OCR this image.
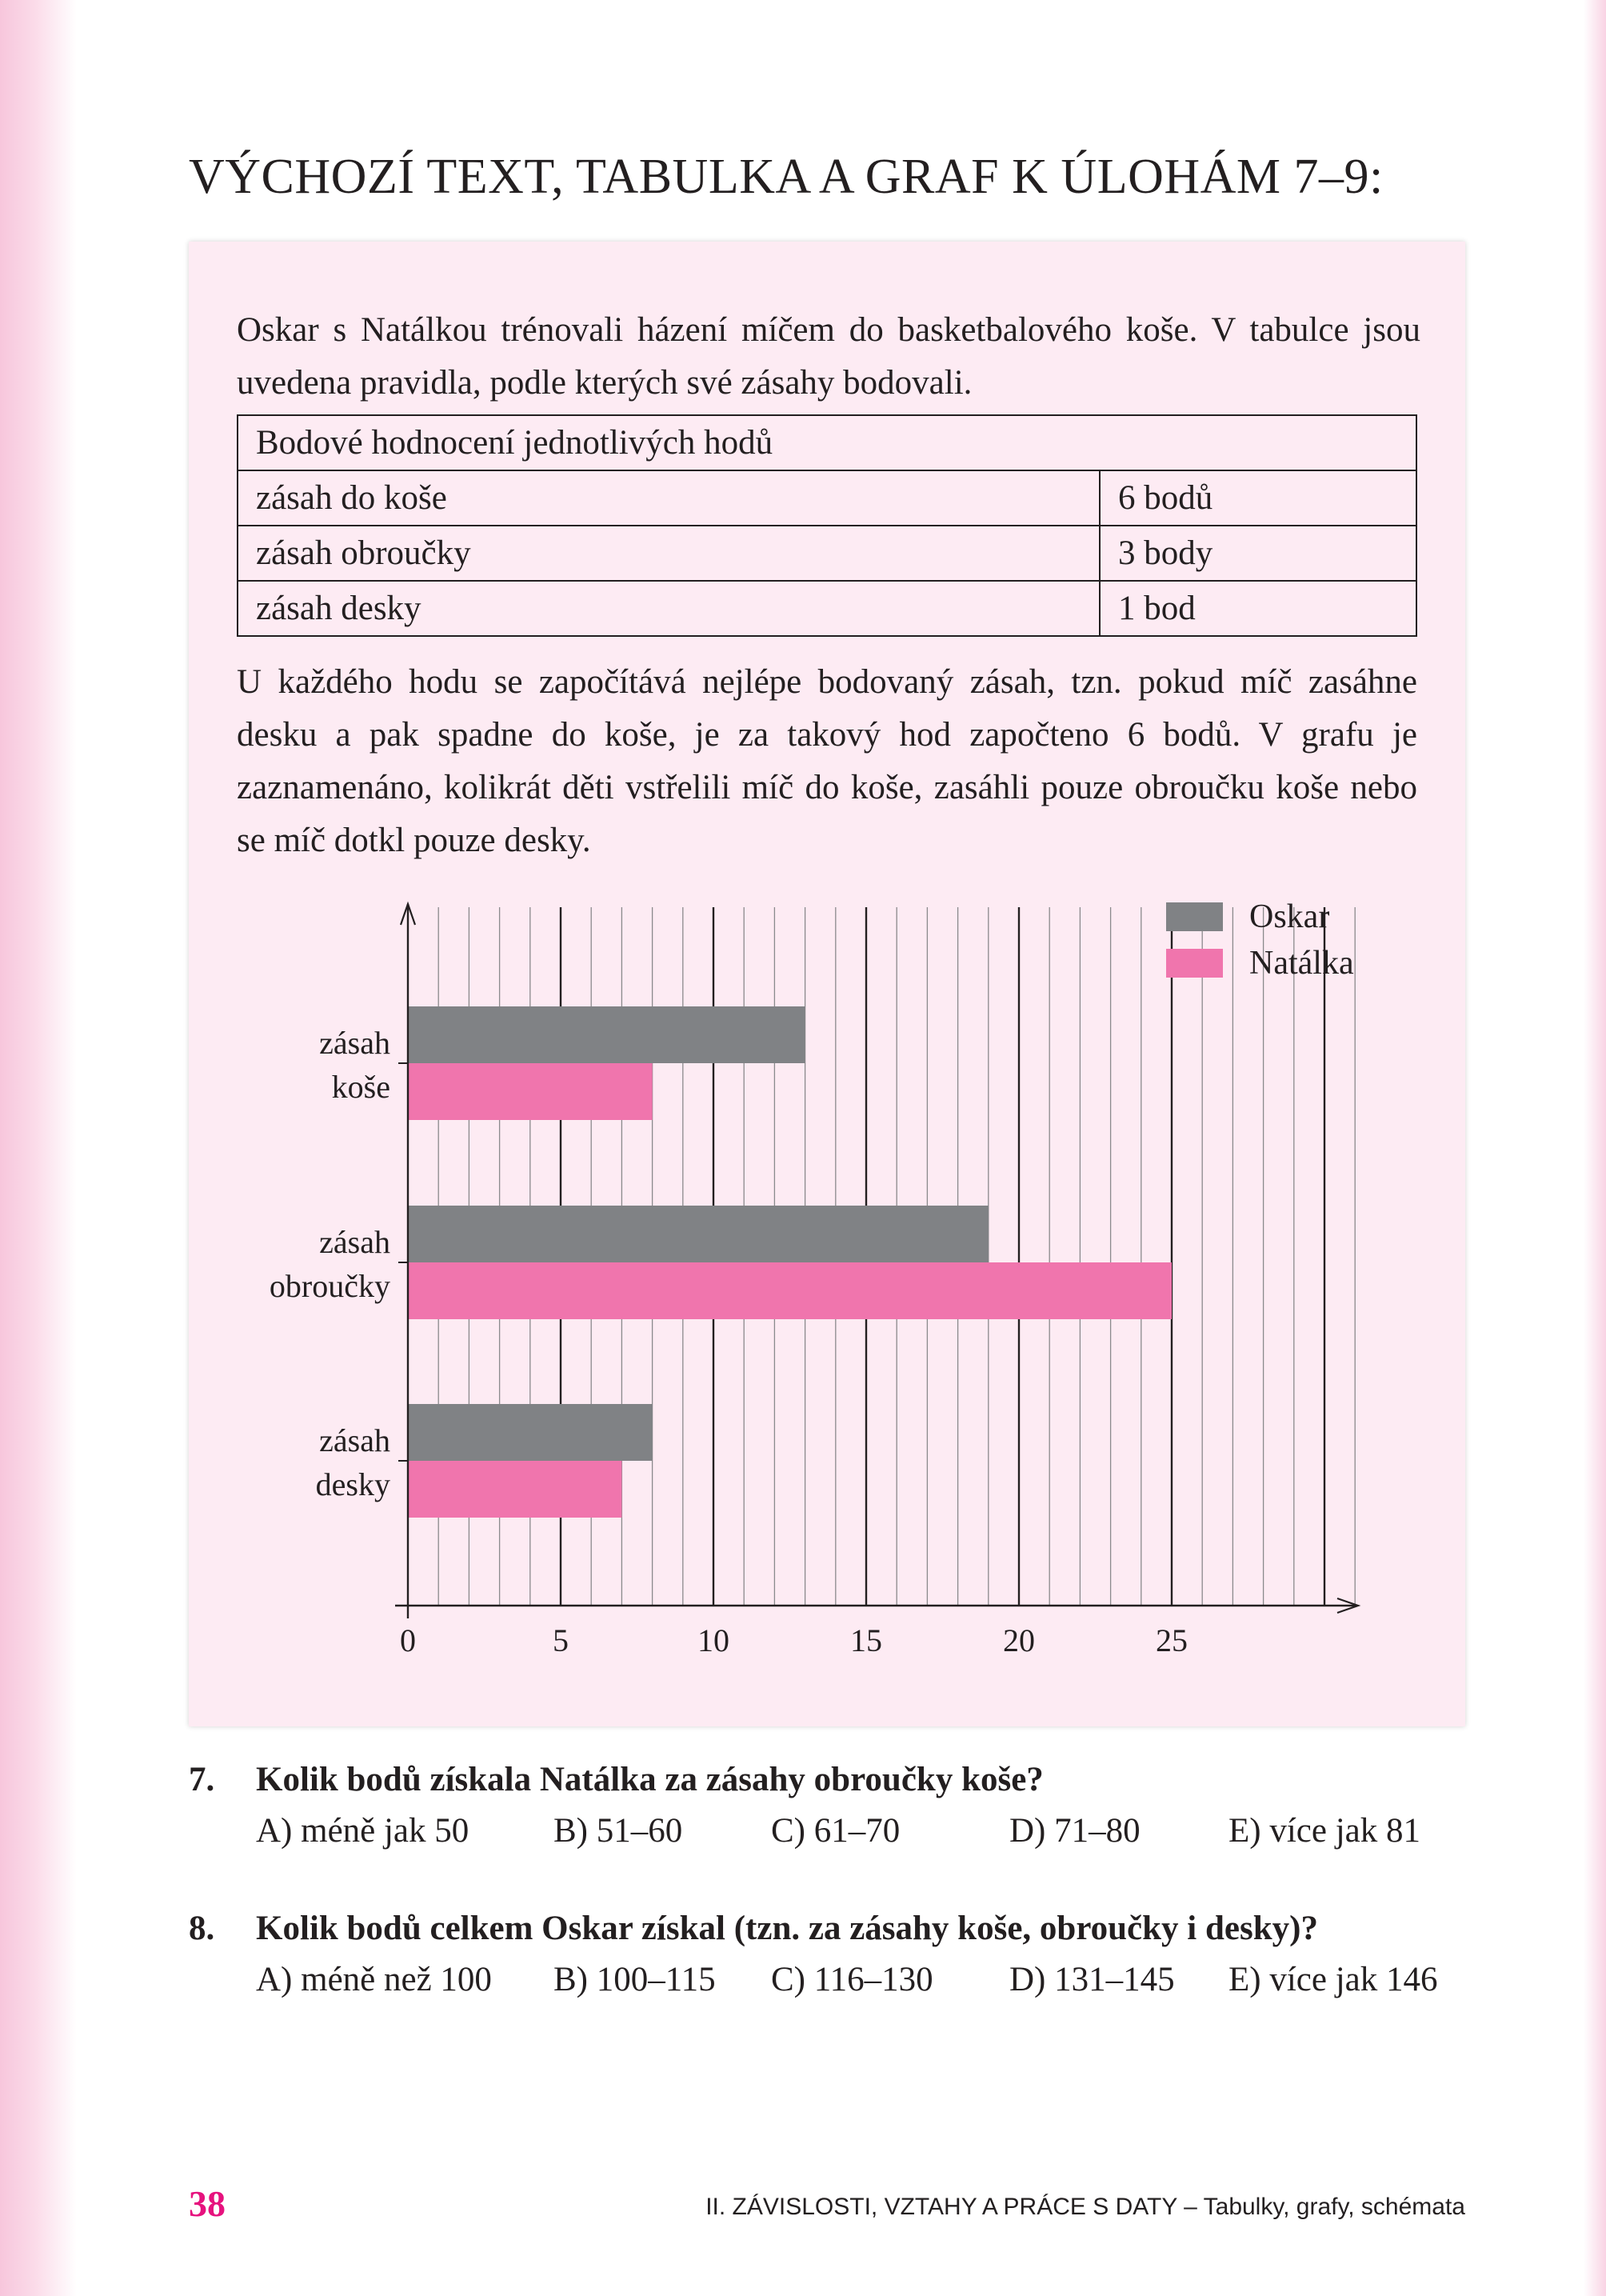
VÝCHOZÍ TEXT, TABULKA A GRAF K ÚLOHÁM 7–9:

Oskar s Natálkou trénovali házení míčem do basketbalového koše. V tabulce jsou uvedena pravidla, podle kterých své zásahy bodovali.

Bodové hodnocení jednotlivých hodů	
zásah do koše	6 bodů
zásah obroučky	3 body
zásah desky	1 bod

U každého hodu se započítává nejlépe bodovaný zásah, tzn. pokud míč zasáhne desku a pak spadne do koše, je za takový hod započteno 6 bodů. V grafu je zaznamenáno, kolikrát děti vstřelili míč do koše, zasáhli pouze obroučku koše nebo se míč dotkl pouze desky.

zásah koše
zásah obroučky
zásah desky
0	5	10	15	20	25
Oskar
Natálka
7. Kolik bodů získala Natálka za zásahy obroučky koše?
A) méně jak 50 B) 51–60	C) 61–70	D) 71–80	E) více jak 81
8. Kolik bodů celkem Oskar získal (tzn. za zásahy koše, obroučky i desky)?
A) méně než 100 B) 100–115 C) 116–130 D) 131–145 E) více jak 146
38	II. ZÁVISLOSTI, VZTAHY A PRÁCE S DATY – Tabulky, grafy, schémata
